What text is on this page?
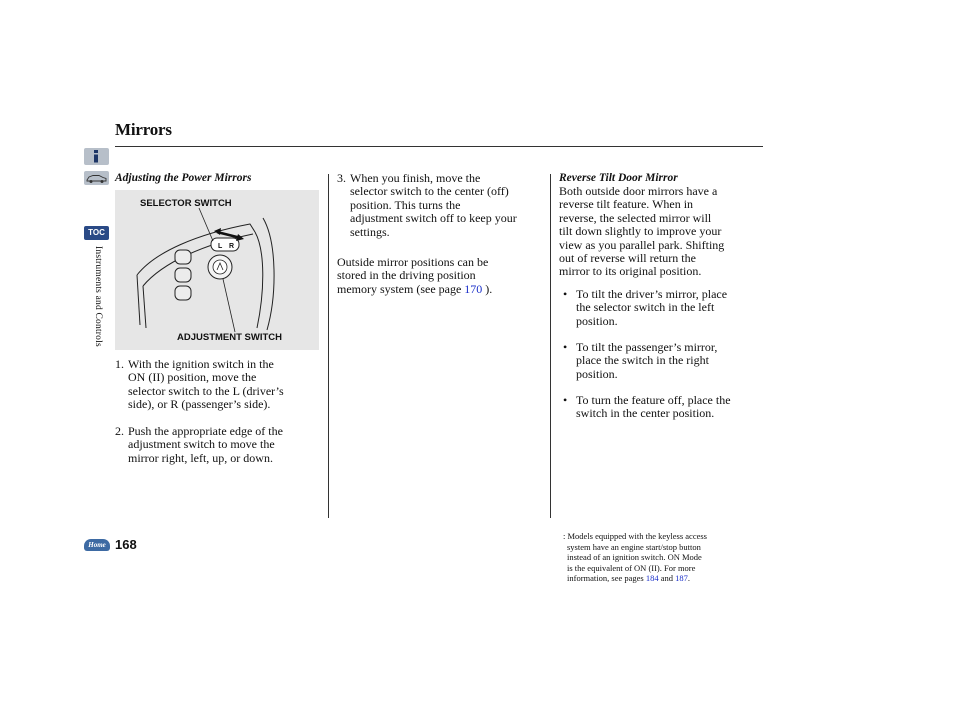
Mirrors
TOC
Instruments and Controls
Adjusting the Power Mirrors
SELECTOR SWITCH
L R
ADJUSTMENT SWITCH
1. With the ignition switch in the
ON (II) position, move the
selector switch to the L (driver’s
side), or R (passenger’s side).
2. Push the appropriate edge of the
adjustment switch to move the
mirror right, left, up, or down.
3. When you finish, move the
selector switch to the center (off)
position. This turns the
adjustment switch off to keep your
settings.
Outside mirror positions can be
stored in the driving position
memory system (see page 170 ).
Reverse Tilt Door Mirror
Both outside door mirrors have a
reverse tilt feature. When in
reverse, the selected mirror will
tilt down slightly to improve your
view as you parallel park. Shifting
out of reverse will return the
mirror to its original position.
• To tilt the driver’s mirror, place
the selector switch in the left
position.
• To tilt the passenger’s mirror,
place the switch in the right
position.
• To turn the feature off, place the
switch in the center position.
Home 168
: Models equipped with the keyless access
system have an engine start/stop button
instead of an ignition switch. ON Mode
is the equivalent of ON (II). For more
information, see pages 184 and 187.
